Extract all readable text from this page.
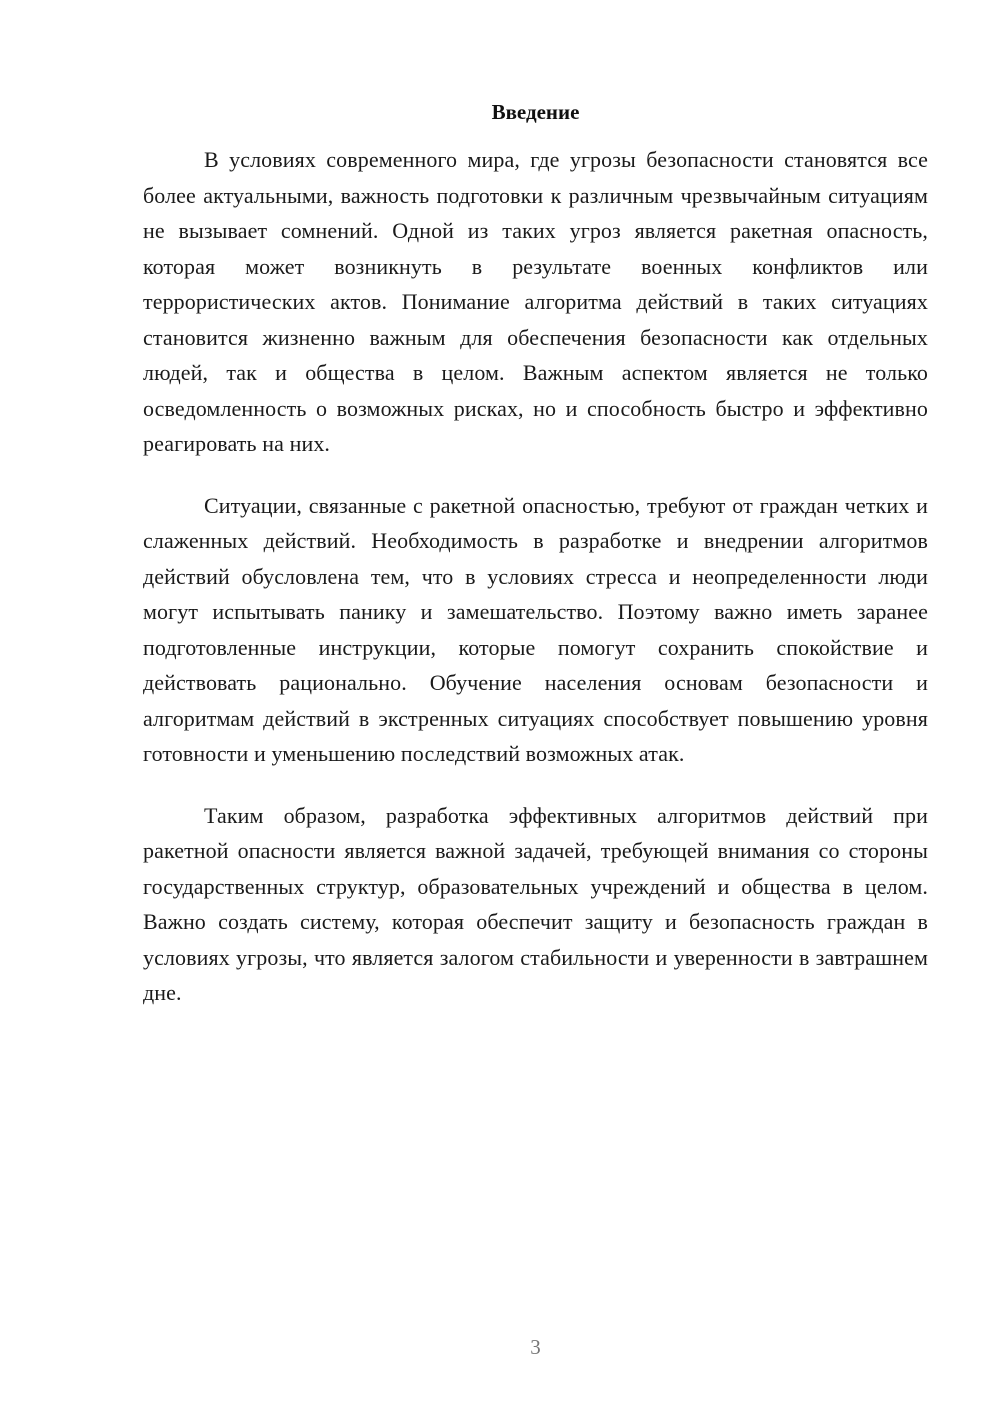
Введение

В условиях современного мира, где угрозы безопасности становятся все более актуальными, важность подготовки к различным чрезвычайным ситуациям не вызывает сомнений. Одной из таких угроз является ракетная опасность, которая может возникнуть в результате военных конфликтов или террористических актов. Понимание алгоритма действий в таких ситуациях становится жизненно важным для обеспечения безопасности как отдельных людей, так и общества в целом. Важным аспектом является не только осведомленность о возможных рисках, но и способность быстро и эффективно реагировать на них.

Ситуации, связанные с ракетной опасностью, требуют от граждан четких и слаженных действий. Необходимость в разработке и внедрении алгоритмов действий обусловлена тем, что в условиях стресса и неопределенности люди могут испытывать панику и замешательство. Поэтому важно иметь заранее подготовленные инструкции, которые помогут сохранить спокойствие и действовать рационально. Обучение населения основам безопасности и алгоритмам действий в экстренных ситуациях способствует повышению уровня готовности и уменьшению последствий возможных атак.

Таким образом, разработка эффективных алгоритмов действий при ракетной опасности является важной задачей, требующей внимания со стороны государственных структур, образовательных учреждений и общества в целом. Важно создать систему, которая обеспечит защиту и безопасность граждан в условиях угрозы, что является залогом стабильности и уверенности в завтрашнем дне.

3
